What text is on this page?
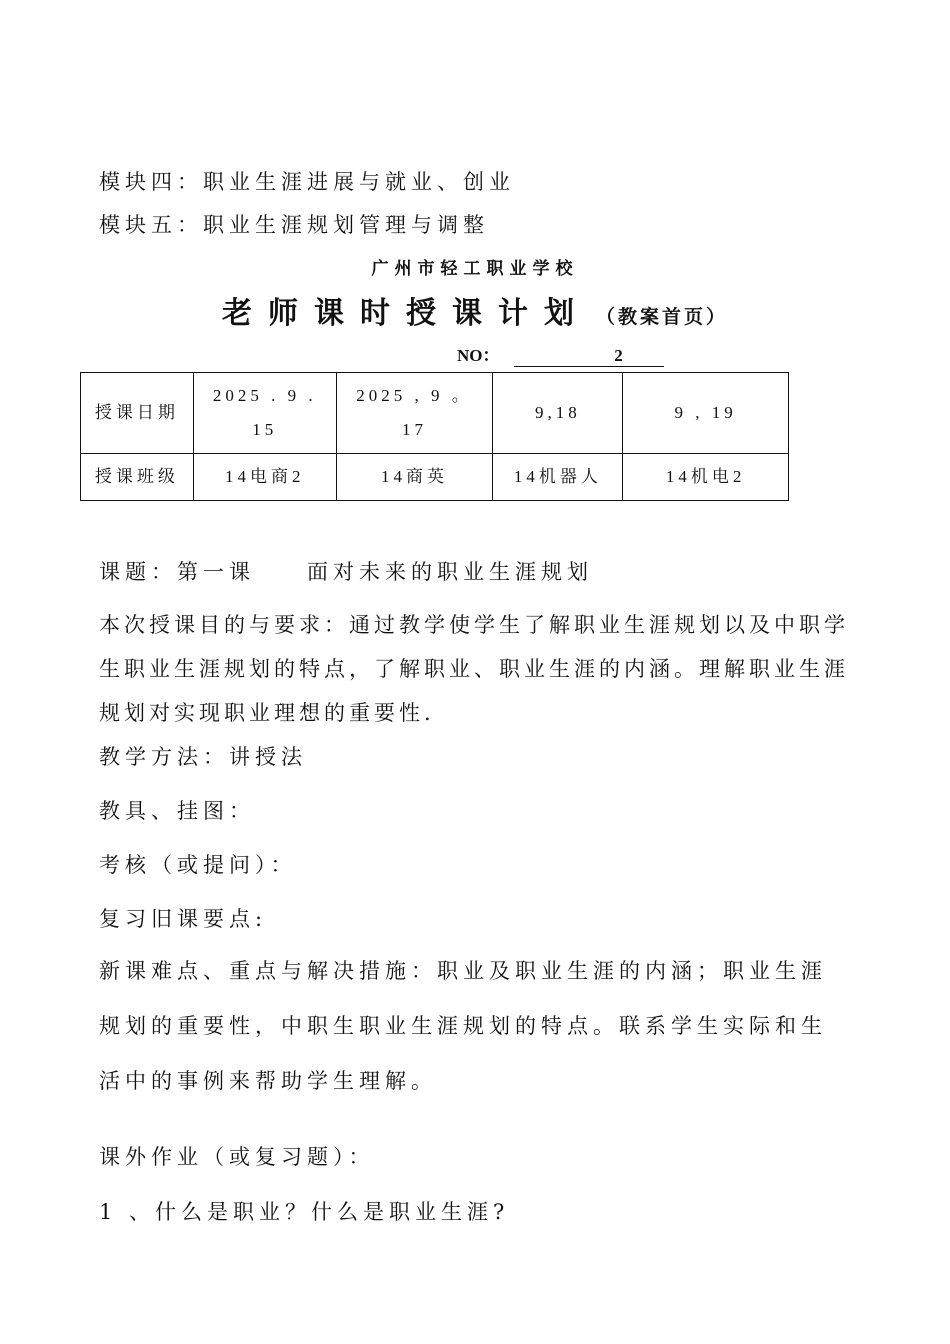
模块四：职业生涯进展与就业、创业
模块五：职业生涯规划管理与调整
广州市轻工职业学校
老师课时授课计划 （教案首页）
NO：	2
授课日期	2025 . 9 . 15	2025 , 9 。17	9,18	9 , 19
授课班级	14电商2	14商英	14机器人	14机电2
课题：第一课　　面对未来的职业生涯规划
本次授课目的与要求：通过教学使学生了解职业生涯规划以及中职学生职业生涯规划的特点，了解职业、职业生涯的内涵。理解职业生涯规划对实现职业理想的重要性.
教学方法：讲授法
教具、挂图：
考核（或提问）：
复习旧课要点:
新课难点、重点与解决措施：职业及职业生涯的内涵；职业生涯规划的重要性，中职生职业生涯规划的特点。联系学生实际和生活中的事例来帮助学生理解。
课外作业（或复习题）：
1 、什么是职业？什么是职业生涯?
